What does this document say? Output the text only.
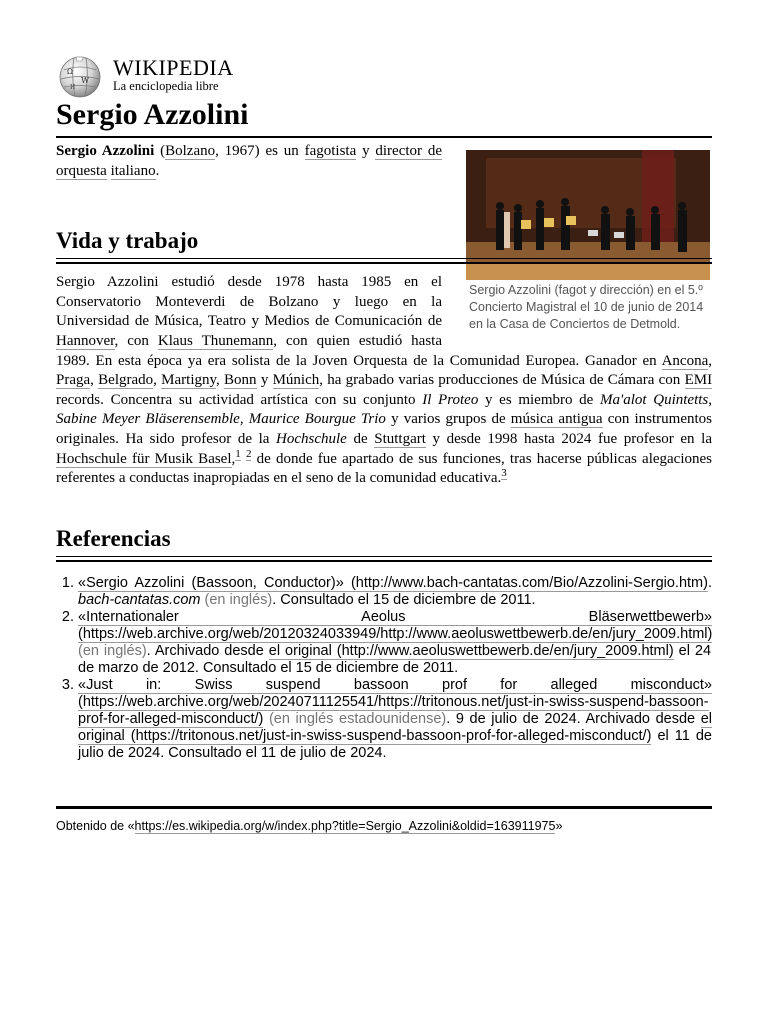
Ω
W
И
WIKIPEDIA
La enciclopedia libre
Sergio Azzolini
Sergio Azzolini (fagot y dirección) en el 5.º Concierto Magistral el 10 de junio de 2014 en la Casa de Conciertos de Detmold.

Sergio Azzolini (Bolzano, 1967) es un fagotista y director de orquesta italiano.

Vida y trabajo

Sergio Azzolini estudió desde 1978 hasta 1985 en el Conservatorio Monteverdi de Bolzano y luego en la Universidad de Música, Teatro y Medios de Comunicación de Hannover, con Klaus Thunemann, con quien estudió hasta 1989. En esta época ya era solista de la Joven Orquesta de la Comunidad Europea. Ganador en Ancona, Praga, Belgrado, Martigny, Bonn y Múnich, ha grabado varias producciones de Música de Cámara con EMI records. Concentra su actividad artística con su conjunto Il Proteo y es miembro de Ma'alot Quintetts, Sabine Meyer Bläserensemble, Maurice Bourgue Trio y varios grupos de música antigua con instrumentos originales. Ha sido profesor de la Hochschule de Stuttgart y desde 1998 hasta 2024 fue profesor en la Hochschule für Musik Basel,$^1$ $^2$ de donde fue apartado de sus funciones, tras hacerse públicas alegaciones referentes a conductas inapropiadas en el seno de la comunidad educativa.$^3$

Referencias
1. «Sergio Azzolini (Bassoon, Conductor)» (http://www.bach-cantatas.com/Bio/Azzolini-Sergio.htm). bach-cantatas.com (en inglés). Consultado el 15 de diciembre de 2011.
2. «Internationaler Aeolus Bläserwettbewerb» (https://web.archive.org/web/20120324033949/http://www.aeoluswettbewerb.de/en/jury_2009.html) (en inglés). Archivado desde el original (http://www.aeoluswettbewerb.de/en/jury_2009.html) el 24 de marzo de 2012. Consultado el 15 de diciembre de 2011.
3. «Just in: Swiss suspend bassoon prof for alleged misconduct» (https://web.archive.org/web/20240711125541/https://tritonous.net/just-in-swiss-suspend-bassoon-prof-for-alleged-misconduct/) (en inglés estadounidense). 9 de julio de 2024. Archivado desde el original (https://tritonous.net/just-in-swiss-suspend-bassoon-prof-for-alleged-misconduct/) el 11 de julio de 2024. Consultado el 11 de julio de 2024.
Obtenido de «https://es.wikipedia.org/w/index.php?title=Sergio_Azzolini&oldid=163911975»
